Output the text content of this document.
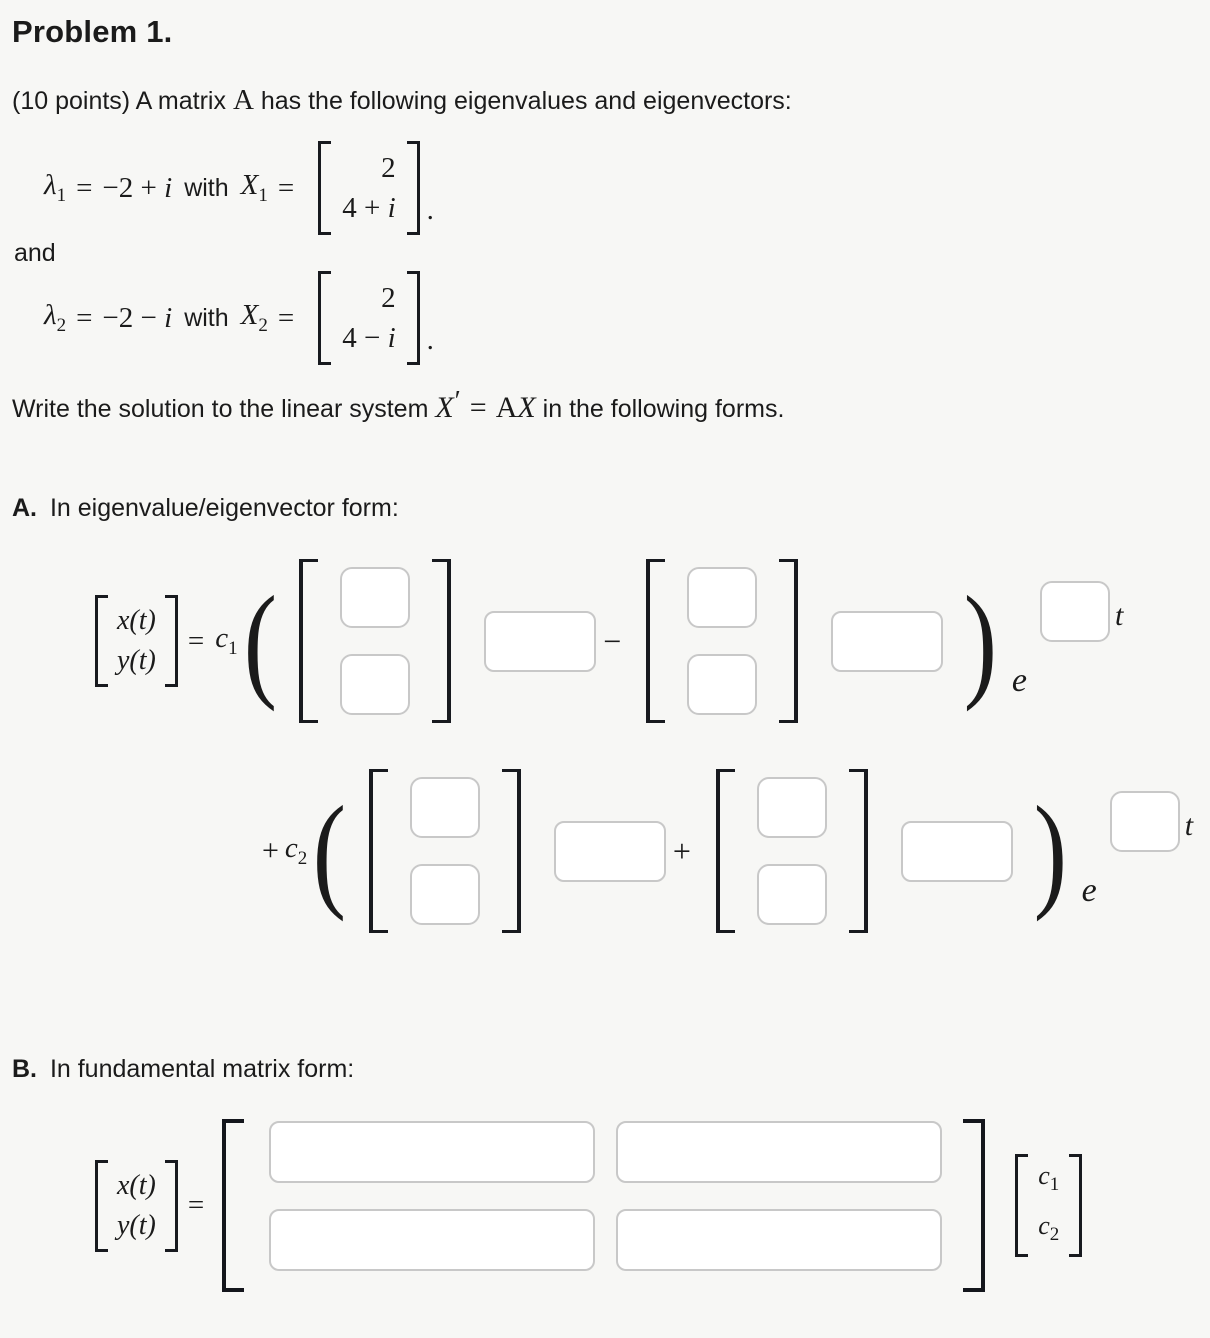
Problem 1.

(10 points) A matrix A has the following eigenvalues and eigenvectors:

$\lambda_1 = -2 + i$ with $X_1$ =
2
4 + i .
and
$\lambda_2 = -2 - i$ with $X_2$ =
2
4 − i .

Write the solution to the linear system X′ = AX in the following forms.

A. In eigenvalue/eigenvector form:

x(t)
y(t)
= $c_1$ (	−	) e
t
+ $c_2$ (	+	) e
t

B. In fundamental matrix form:

x(t)
y(t)
=
$c_1$
$c_2$
